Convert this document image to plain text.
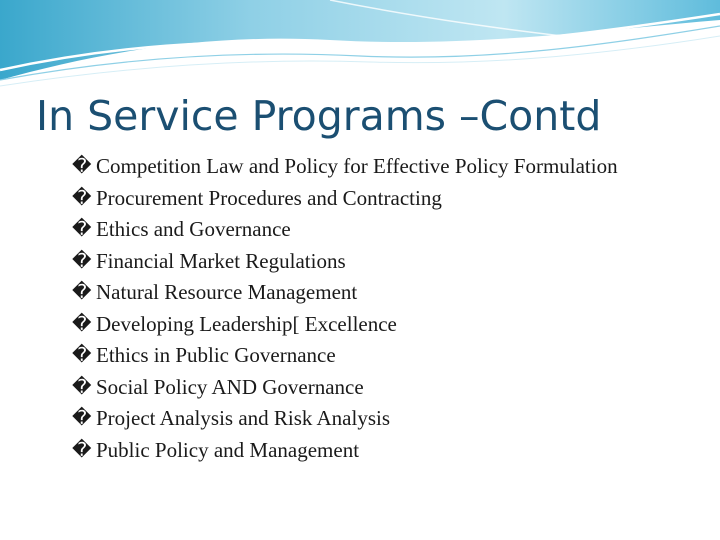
In Service Programs –Contd
� Competition Law and Policy for Effective Policy Formulation
� Procurement Procedures and Contracting
� Ethics and Governance
� Financial Market Regulations
� Natural Resource Management
� Developing Leadership[ Excellence
� Ethics in Public Governance
� Social Policy AND Governance
� Project Analysis and Risk Analysis
� Public Policy and Management
